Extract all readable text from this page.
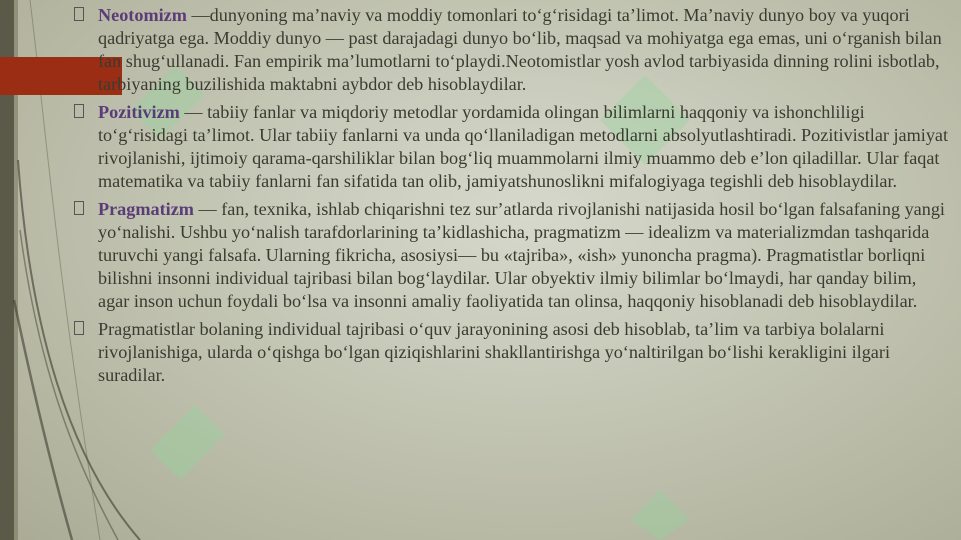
Neotomizm —dunyoning maʼnaviy va moddiy tomonlari toʻgʻrisidagi taʼlimot. Maʼnaviy dunyo boy va yuqori qadriyatga ega. Moddiy dunyo — past darajadagi dunyo boʻlib, maqsad va mohiyatga ega emas, uni oʻrganish bilan fan shugʻullanadi. Fan empirik maʼlumotlarni toʻplaydi.Neotomistlar yosh avlod tarbiyasida dinning rolini isbotlab, tarbiyaning buzilishida maktabni aybdor deb hisoblaydilar.
Pozitivizm — tabiiy fanlar va miqdoriy metodlar yordamida olingan bilimlarni haqqoniy va ishonchliligi toʻgʻrisidagi taʼlimot. Ular tabiiy fanlarni va unda qoʻllaniladigan metodlarni absolyutlashtiradi. Pozitivistlar jamiyat rivojlanishi, ijtimoiy qarama-qarshiliklar bilan bogʻliq muammolarni ilmiy muammo deb eʼlon qiladillar. Ular faqat matematika va tabiiy fanlarni fan sifatida tan olib, jamiyatshunoslikni mifalogiyaga tegishli deb hisoblaydilar.
Pragmatizm — fan, texnika, ishlab chiqarishni tez surʼatlarda rivojlanishi natijasida hosil boʻlgan falsafaning yangi yoʻnalishi. Ushbu yoʻnalish tarafdorlarining taʼkidlashicha, pragmatizm — idealizm va materializmdan tashqarida turuvchi yangi falsafa. Ularning fikricha, asosiysi— bu «tajriba», «ish» yunoncha pragma). Pragmatistlar borliqni bilishni insonni individual tajribasi bilan bogʻlaydilar. Ular obyektiv ilmiy bilimlar boʻlmaydi, har qanday bilim, agar inson uchun foydali boʻlsa va insonni amaliy faoliyatida tan olinsa, haqqoniy hisoblanadi deb hisoblaydilar.
Pragmatistlar bolaning individual tajribasi oʻquv jarayonining asosi deb hisoblab, taʼlim va tarbiya bolalarni rivojlanishiga, ularda oʻqishga boʻlgan qiziqishlarini shakllantirishga yoʻnaltirilgan boʻlishi kerakligini ilgari suradilar.
